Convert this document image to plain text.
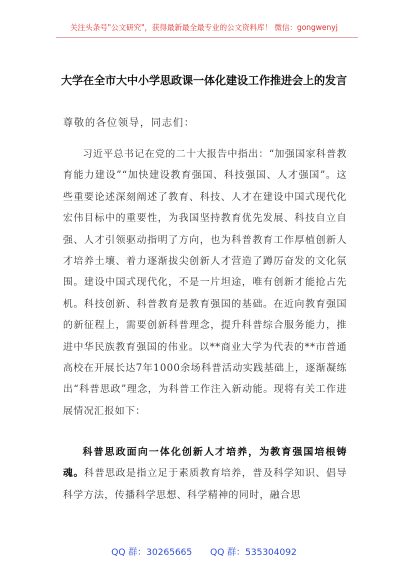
关注头条号"公文研究"，获得最新最全最专业的公文资料库！ 微信：gongwenyj
大学在全市大中小学思政课一体化建设工作推进会上的发言
尊敬的各位领导，同志们：

习近平总书记在党的二十大报告中指出：“加强国家科普教育能力建设”“加快建设教育强国、科技强国、人才强国”。这些重要论述深刻阐述了教育、科技、人才在建设中国式现代化宏伟目标中的重要性，为我国坚持教育优先发展、科技自立自强、人才引领驱动指明了方向，也为科普教育工作厚植创新人才培养土壤、着力逐渐拔尖创新人才营造了蹲厉奋发的文化氛围。建设中国式现代化，不是一片坦途，唯有创新才能抢占先机。科技创新、科普教育是教育强国的基础。在近向教育强国的新征程上，需要创新科普理念，提升科普综合服务能力，推进中华民族教育强国的伟业。以**商业大学为代表的**市普通高校在开展长达7年1000余场科普活动实践基础上，逐渐凝练出“科普思政”理念，为科普工作注入新动能。现将有关工作进展情况汇报如下：

科普思政面向一体化创新人才培养，为教育强国培根铸魂。科普思政是指立足于素质教育培养，普及科学知识、倡导科学方法，传播科学思想、科学精神的同时，融合思

QQ 群：30265665 QQ 群：535304092
